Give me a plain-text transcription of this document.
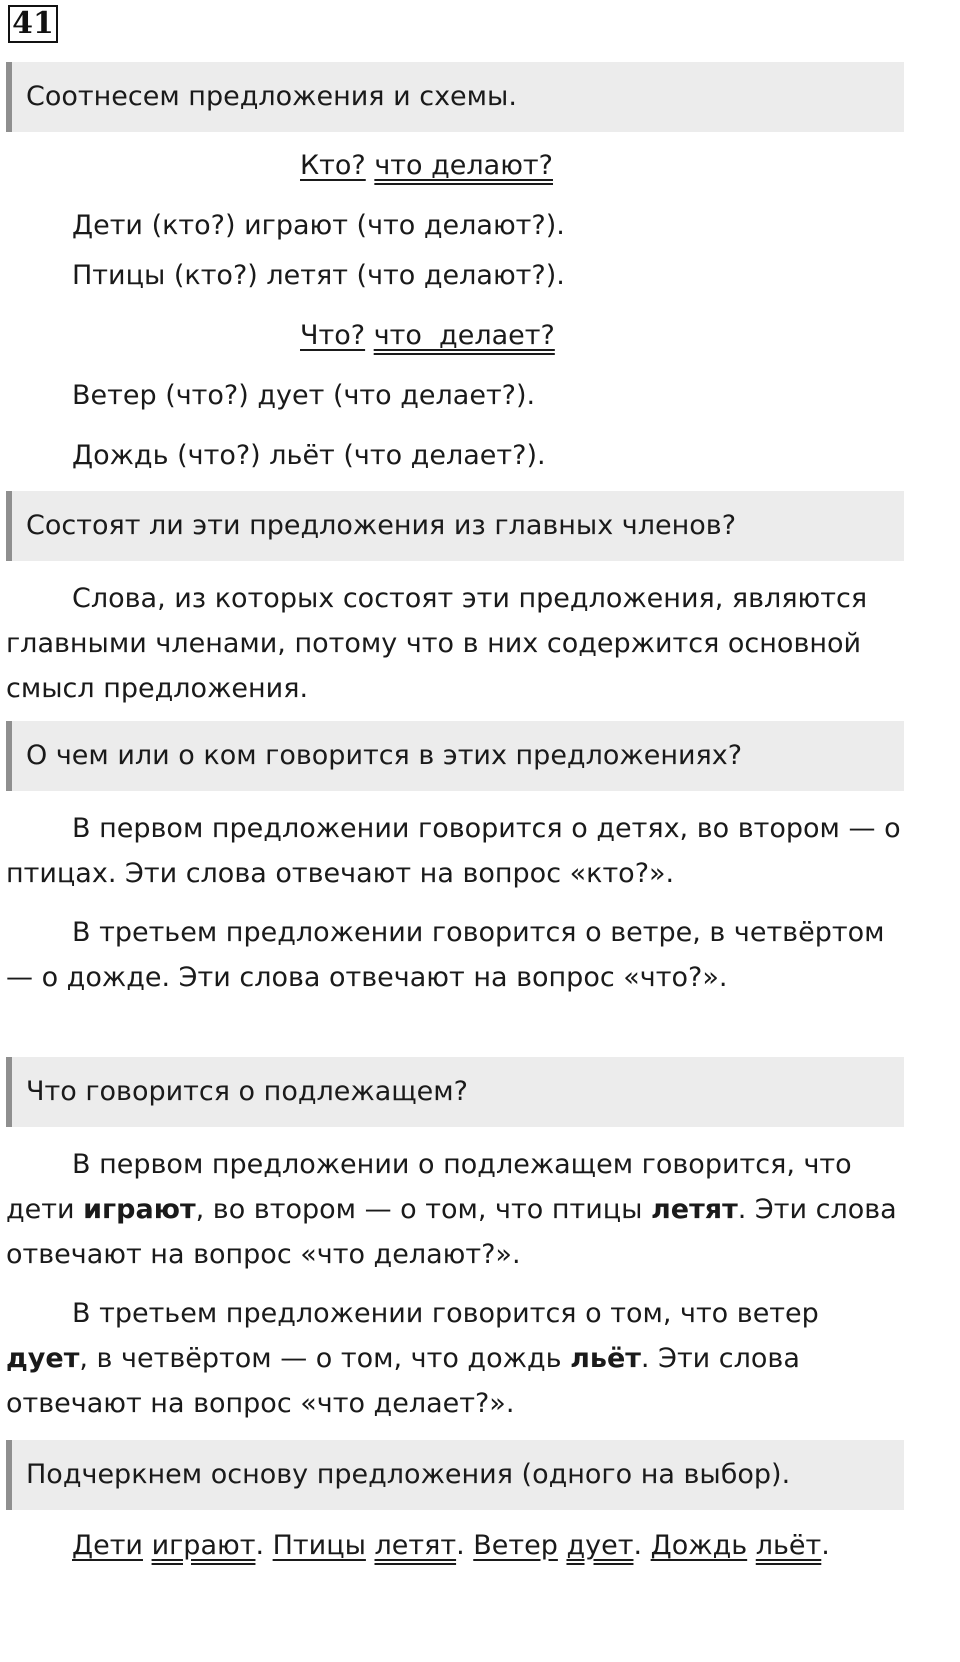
41
Соотнесем предложения и схемы.
Кто? что делают?
Дети (кто?) играют (что делают?).
Птицы (кто?) летят (что делают?).
Что? что  делает?
Ветер (что?) дует (что делает?).
Дождь (что?) льёт (что делает?).
Состоят ли эти предложения из главных членов?
Слова, из которых состоят эти предложения, являются главными членами, потому что в них содержится основной смысл предложения.
О чем или о ком говорится в этих предложениях?
В первом предложении говорится о детях, во втором — о птицах. Эти слова отвечают на вопрос «кто?».
В третьем предложении говорится о ветре, в четвёртом — о дожде. Эти слова отвечают на вопрос «что?».
Что говорится о подлежащем?
В первом предложении о подлежащем говорится, что дети играют, во втором — о том, что птицы летят. Эти слова отвечают на вопрос «что делают?».
В третьем предложении говорится о том, что ветер дует, в четвёртом — о том, что дождь льёт. Эти слова отвечают на вопрос «что делает?».
Подчеркнем основу предложения (одного на выбор).
Дети играют. Птицы летят. Ветер дует. Дождь льёт.
